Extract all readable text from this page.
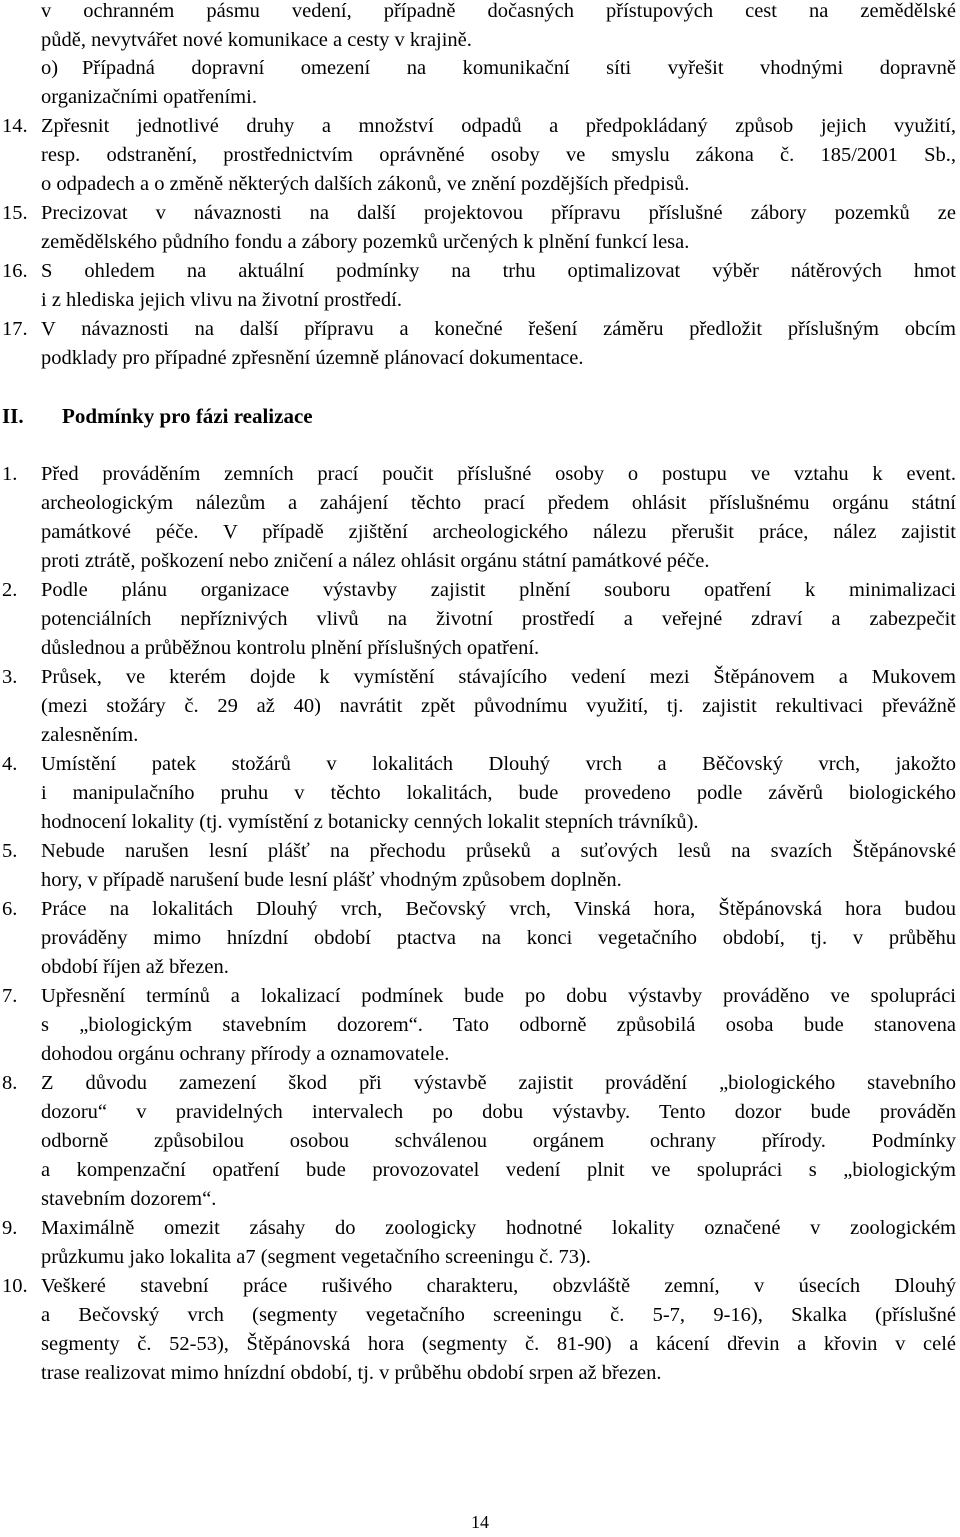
v ochranném pásmu vedení, případně dočasných přístupových cest na zemědělské
půdě, nevytvářet nové komunikace a cesty v krajině.
o) Případná dopravní omezení na komunikační síti vyřešit vhodnými dopravně
organizačními opatřeními.
14. Zpřesnit jednotlivé druhy a množství odpadů a předpokládaný způsob jejich využití,
resp. odstranění, prostřednictvím oprávněné osoby ve smyslu zákona č. 185/2001 Sb.,
o odpadech a o změně některých dalších zákonů, ve znění pozdějších předpisů.
15. Precizovat v návaznosti na další projektovou přípravu příslušné zábory pozemků ze
zemědělského půdního fondu a zábory pozemků určených k plnění funkcí lesa.
16. S ohledem na aktuální podmínky na trhu optimalizovat výběr nátěrových hmot
i z hlediska jejich vlivu na životní prostředí.
17. V návaznosti na další přípravu a konečné řešení záměru předložit příslušným obcím
podklady pro případné zpřesnění územně plánovací dokumentace.
II. Podmínky pro fázi realizace
1. Před prováděním zemních prací poučit příslušné osoby o postupu ve vztahu k event.
archeologickým nálezům a zahájení těchto prací předem ohlásit příslušnému orgánu státní
památkové péče. V případě zjištění archeologického nálezu přerušit práce, nález zajistit
proti ztrátě, poškození nebo zničení a nález ohlásit orgánu státní památkové péče.
2. Podle plánu organizace výstavby zajistit plnění souboru opatření k minimalizaci
potenciálních nepříznivých vlivů na životní prostředí a veřejné zdraví a zabezpečit
důslednou a průběžnou kontrolu plnění příslušných opatření.
3. Průsek, ve kterém dojde k vymístění stávajícího vedení mezi Štěpánovem a Mukovem
(mezi stožáry č. 29 až 40) navrátit zpět původnímu využití, tj. zajistit rekultivaci převážně
zalesněním.
4. Umístění patek stožárů v lokalitách Dlouhý vrch a Běčovský vrch, jakožto
i manipulačního pruhu v těchto lokalitách, bude provedeno podle závěrů biologického
hodnocení lokality (tj. vymístění z botanicky cenných lokalit stepních trávníků).
5. Nebude narušen lesní plášť na přechodu průseků a suťových lesů na svazích Štěpánovské
hory, v případě narušení bude lesní plášť vhodným způsobem doplněn.
6. Práce na lokalitách Dlouhý vrch, Bečovský vrch, Vinská hora, Štěpánovská hora budou
prováděny mimo hnízdní období ptactva na konci vegetačního období, tj. v průběhu
období říjen až březen.
7. Upřesnění termínů a lokalizací podmínek bude po dobu výstavby prováděno ve spolupráci
s „biologickým stavebním dozorem“. Tato odborně způsobilá osoba bude stanovena
dohodou orgánu ochrany přírody a oznamovatele.
8. Z důvodu zamezení škod při výstavbě zajistit provádění „biologického stavebního
dozoru“ v pravidelných intervalech po dobu výstavby. Tento dozor bude prováděn
odborně způsobilou osobou schválenou orgánem ochrany přírody. Podmínky
a kompenzační opatření bude provozovatel vedení plnit ve spolupráci s „biologickým
stavebním dozorem“.
9. Maximálně omezit zásahy do zoologicky hodnotné lokality označené v zoologickém
průzkumu jako lokalita a7 (segment vegetačního screeningu č. 73).
10. Veškeré stavební práce rušivého charakteru, obzvláště zemní, v úsecích Dlouhý
a Bečovský vrch (segmenty vegetačního screeningu č. 5-7, 9-16), Skalka (příslušné
segmenty č. 52-53), Štěpánovská hora (segmenty č. 81-90) a kácení dřevin a křovin v celé
trase realizovat mimo hnízdní období, tj. v průběhu období srpen až březen.
14
